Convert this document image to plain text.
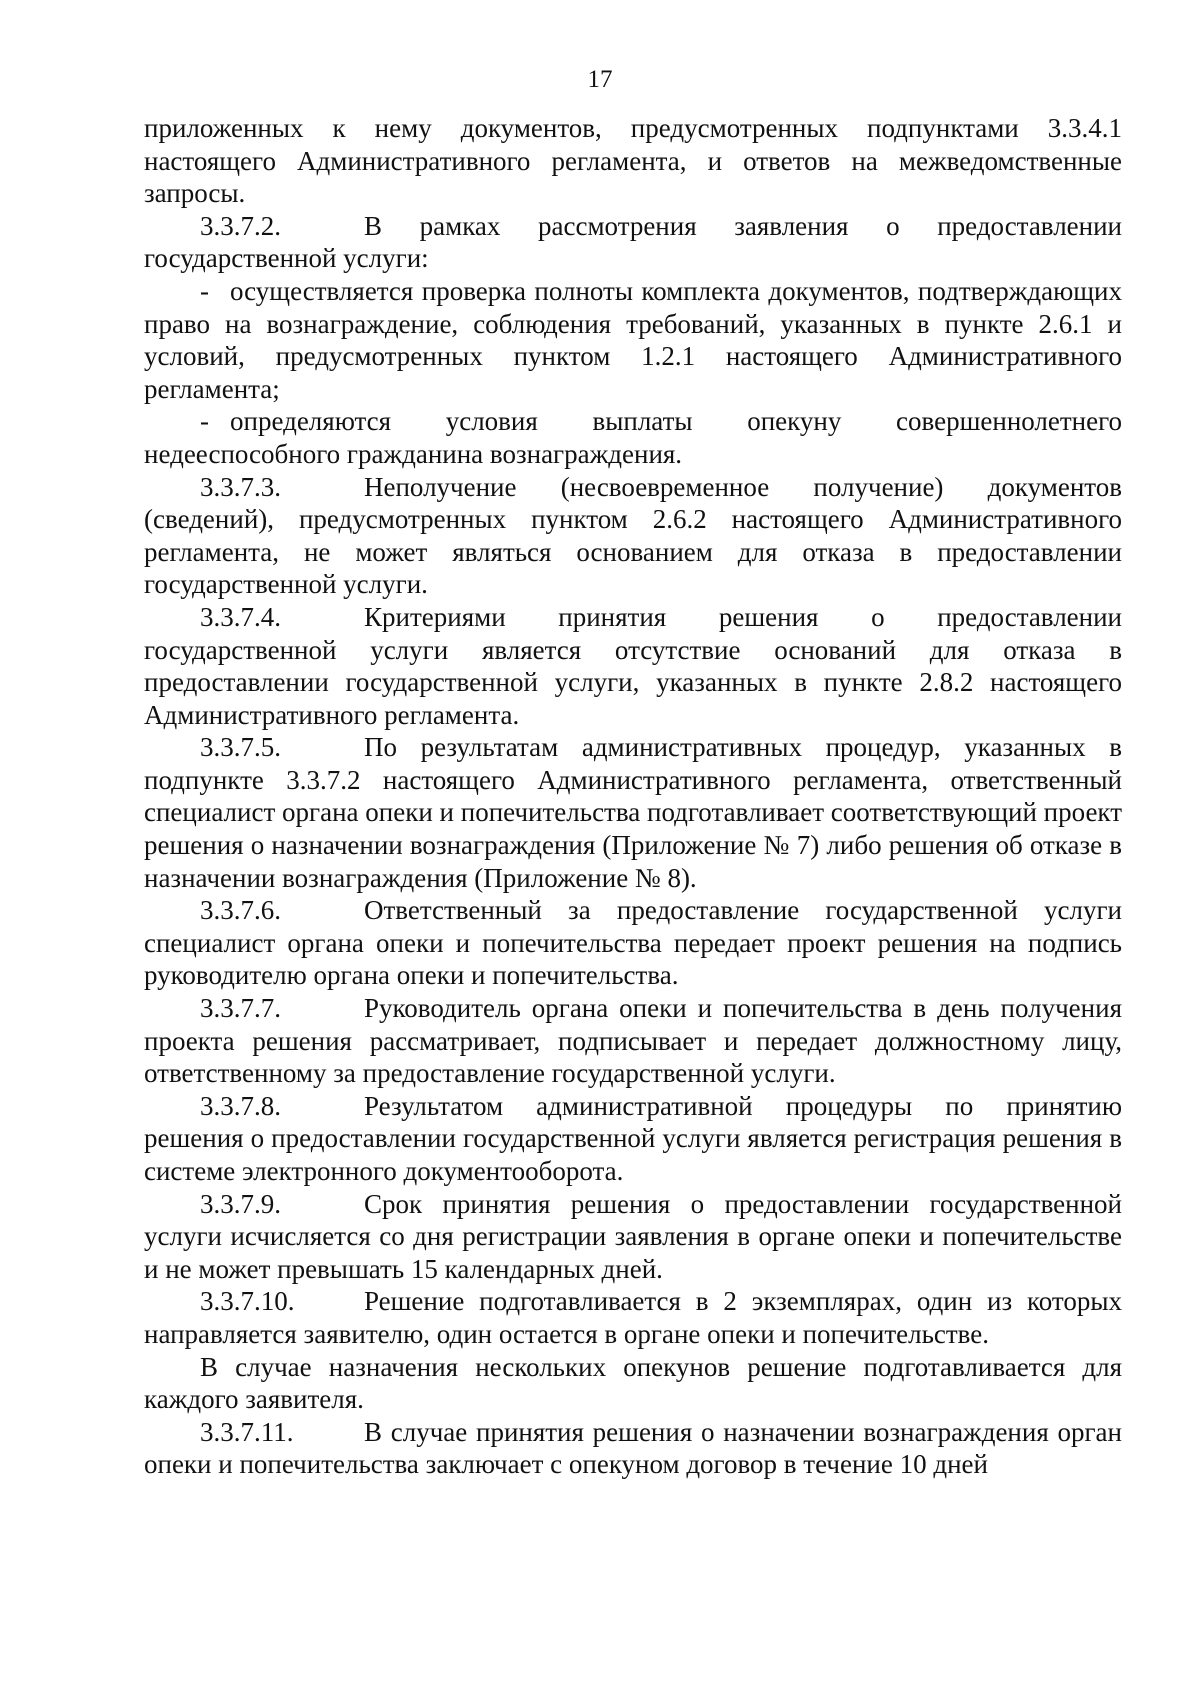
17

приложенных к нему документов, предусмотренных подпунктами 3.3.4.1 настоящего Административного регламента, и ответов на межведомственные запросы.

3.3.7.2.	В рамках рассмотрения заявления о предоставлении государственной услуги:

- осуществляется проверка полноты комплекта документов, подтверждающих право на вознаграждение, соблюдения требований, указанных в пункте 2.6.1 и условий, предусмотренных пунктом 1.2.1 настоящего Административного регламента;

- определяются условия выплаты опекуну совершеннолетнего недееспособного гражданина вознаграждения.

3.3.7.3.	Неполучение (несвоевременное получение) документов (сведений), предусмотренных пунктом 2.6.2 настоящего Административного регламента, не может являться основанием для отказа в предоставлении государственной услуги.

3.3.7.4.	Критериями принятия решения о предоставлении государственной услуги является отсутствие оснований для отказа в предоставлении государственной услуги, указанных в пункте 2.8.2 настоящего Административного регламента.

3.3.7.5.	По результатам административных процедур, указанных в подпункте 3.3.7.2 настоящего Административного регламента, ответственный специалист органа опеки и попечительства подготавливает соответствующий проект решения о назначении вознаграждения (Приложение № 7) либо решения об отказе в назначении вознаграждения (Приложение № 8).

3.3.7.6.	Ответственный за предоставление государственной услуги специалист органа опеки и попечительства передает проект решения на подпись руководителю органа опеки и попечительства.

3.3.7.7.	Руководитель органа опеки и попечительства в день получения проекта решения рассматривает, подписывает и передает должностному лицу, ответственному за предоставление государственной услуги.

3.3.7.8.	Результатом административной процедуры по принятию решения о предоставлении государственной услуги является регистрация решения в системе электронного документооборота.

3.3.7.9.	Срок принятия решения о предоставлении государственной услуги исчисляется со дня регистрации заявления в органе опеки и попечительстве и не может превышать 15 календарных дней.

3.3.7.10.	Решение подготавливается в 2 экземплярах, один из которых направляется заявителю, один остается в органе опеки и попечительстве.

В случае назначения нескольких опекунов решение подготавливается для каждого заявителя.

3.3.7.11.	В случае принятия решения о назначении вознаграждения орган опеки и попечительства заключает с опекуном договор в течение 10 дней
